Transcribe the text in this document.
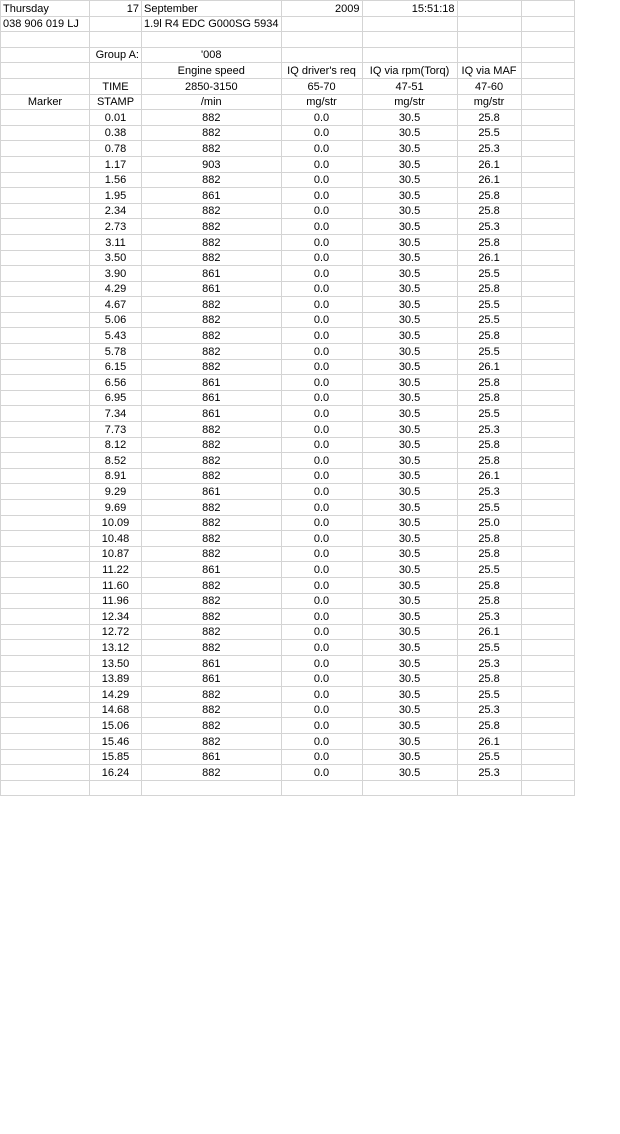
Thursday	17	September	2009	15:51:18		
038 906 019 LJ		1.9l R4 EDC G000SG 5934				

	Group A:	'008				
		Engine speed	IQ driver's req	IQ via rpm(Torq)	IQ via MAF	
	TIME	2850-3150	65-70	47-51	47-60	
Marker	STAMP	/min	mg/str	mg/str	mg/str	
	0.01	882	0.0	30.5	25.8	
	0.38	882	0.0	30.5	25.5	
	0.78	882	0.0	30.5	25.3	
	1.17	903	0.0	30.5	26.1	
	1.56	882	0.0	30.5	26.1	
	1.95	861	0.0	30.5	25.8	
	2.34	882	0.0	30.5	25.8	
	2.73	882	0.0	30.5	25.3	
	3.11	882	0.0	30.5	25.8	
	3.50	882	0.0	30.5	26.1	
	3.90	861	0.0	30.5	25.5	
	4.29	861	0.0	30.5	25.8	
	4.67	882	0.0	30.5	25.5	
	5.06	882	0.0	30.5	25.5	
	5.43	882	0.0	30.5	25.8	
	5.78	882	0.0	30.5	25.5	
	6.15	882	0.0	30.5	26.1	
	6.56	861	0.0	30.5	25.8	
	6.95	861	0.0	30.5	25.8	
	7.34	861	0.0	30.5	25.5	
	7.73	882	0.0	30.5	25.3	
	8.12	882	0.0	30.5	25.8	
	8.52	882	0.0	30.5	25.8	
	8.91	882	0.0	30.5	26.1	
	9.29	861	0.0	30.5	25.3	
	9.69	882	0.0	30.5	25.5	
	10.09	882	0.0	30.5	25.0	
	10.48	882	0.0	30.5	25.8	
	10.87	882	0.0	30.5	25.8	
	11.22	861	0.0	30.5	25.5	
	11.60	882	0.0	30.5	25.8	
	11.96	882	0.0	30.5	25.8	
	12.34	882	0.0	30.5	25.3	
	12.72	882	0.0	30.5	26.1	
	13.12	882	0.0	30.5	25.5	
	13.50	861	0.0	30.5	25.3	
	13.89	861	0.0	30.5	25.8	
	14.29	882	0.0	30.5	25.5	
	14.68	882	0.0	30.5	25.3	
	15.06	882	0.0	30.5	25.8	
	15.46	882	0.0	30.5	26.1	
	15.85	861	0.0	30.5	25.5	
	16.24	882	0.0	30.5	25.3	
